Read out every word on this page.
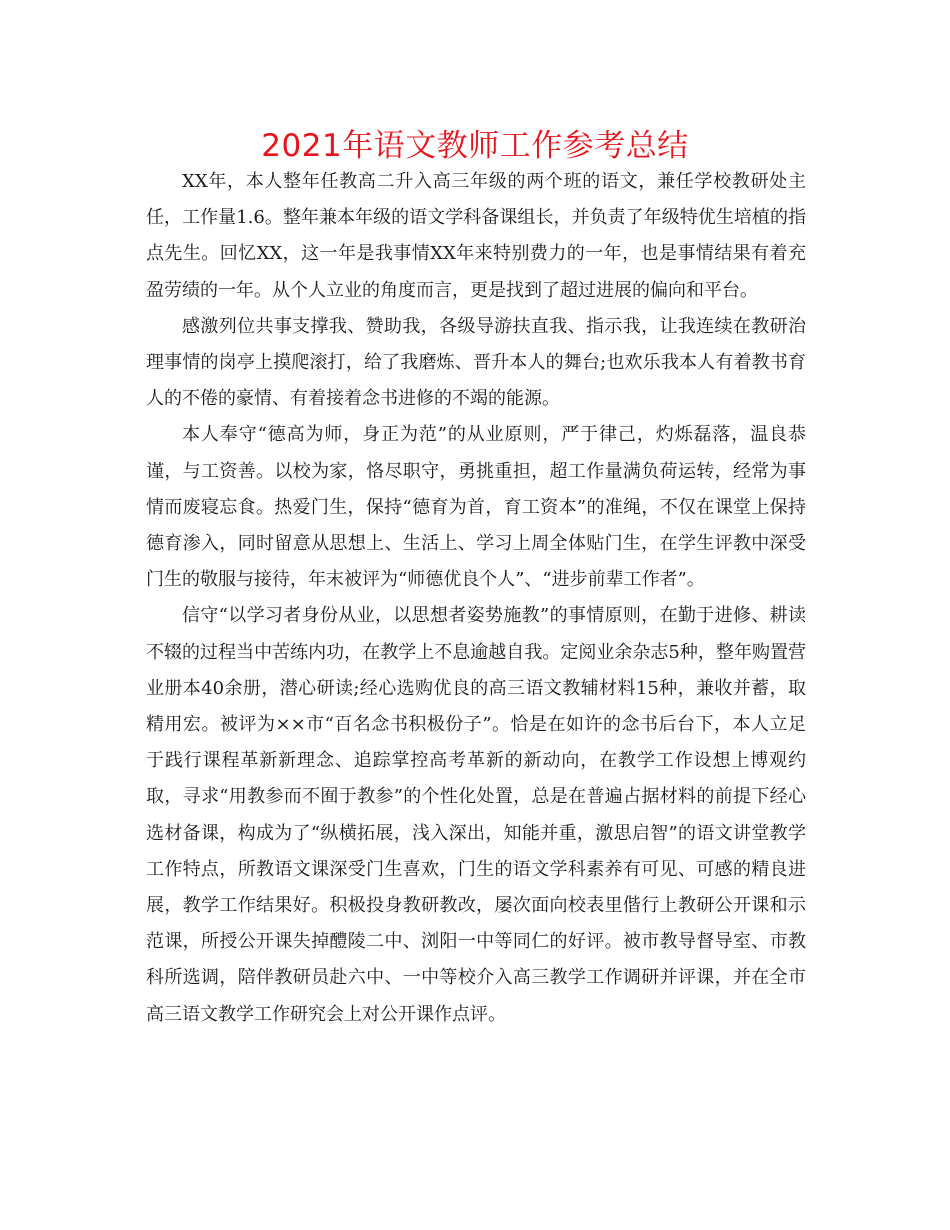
2021年语文教师工作参考总结

XX年，本人整年任教高二升入高三年级的两个班的语文，兼任学校教研处主任，工作量1.6。整年兼本年级的语文学科备课组长，并负责了年级特优生培植的指点先生。回忆XX，这一年是我事情XX年来特别费力的一年，也是事情结果有着充盈劳绩的一年。从个人立业的角度而言，更是找到了超过进展的偏向和平台。

感激列位共事支撑我、赞助我，各级导游扶直我、指示我，让我连续在教研治理事情的岗亭上摸爬滚打，给了我磨炼、晋升本人的舞台;也欢乐我本人有着教书育人的不倦的豪情、有着接着念书进修的不竭的能源。

本人奉守“德高为师，身正为范”的从业原则，严于律己，灼烁磊落，温良恭谨，与工资善。以校为家，恪尽职守，勇挑重担，超工作量满负荷运转，经常为事情而废寝忘食。热爱门生，保持“德育为首，育工资本”的准绳，不仅在课堂上保持德育渗入，同时留意从思想上、生活上、学习上周全体贴门生，在学生评教中深受门生的敬服与接待，年末被评为“师德优良个人”、“进步前辈工作者”。

信守“以学习者身份从业，以思想者姿势施教”的事情原则，在勤于进修、耕读不辍的过程当中苦练内功，在教学上不息逾越自我。定阅业余杂志5种，整年购置营业册本40余册，潜心研读;经心选购优良的高三语文教辅材料15种，兼收并蓄，取精用宏。被评为××市“百名念书积极份子”。恰是在如许的念书后台下，本人立足于践行课程革新新理念、追踪掌控高考革新的新动向，在教学工作设想上博观约取，寻求“用教参而不囿于教参”的个性化处置，总是在普遍占据材料的前提下经心选材备课，构成为了“纵横拓展，浅入深出，知能并重，激思启智”的语文讲堂教学工作特点，所教语文课深受门生喜欢，门生的语文学科素养有可见、可感的精良进展，教学工作结果好。积极投身教研教改，屡次面向校表里偕行上教研公开课和示范课，所授公开课失掉醴陵二中、浏阳一中等同仁的好评。被市教导督导室、市教科所选调，陪伴教研员赴六中、一中等校介入高三教学工作调研并评课，并在全市高三语文教学工作研究会上对公开课作点评。
